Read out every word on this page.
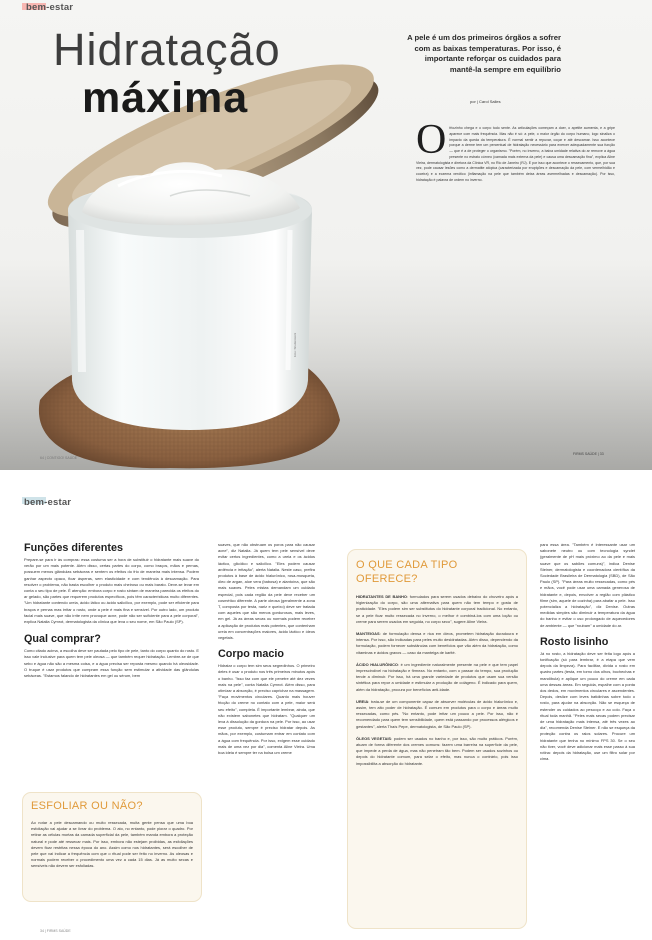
bem-estar
Hidratação
máxima
A pele é um dos primeiros órgãos a sofrer com as baixas temperaturas. Por isso, é importante reforçar os cuidados para mantê-la sempre em equilíbrio
por | Carol Salles
O friozinho chega e o corpo todo sente. As articulações começam a doer, o apetite aumenta, e a gripe aparece com mais frequência. Mas não é só: a pele, o maior órgão do corpo humano, logo sinaliza o impacto da queda da temperatura. É normal sentir a repuxar, coçar e até descamar. Isso acontece porque a derme tem um percentual de hidratação necessário para exercer adequadamente sua função — que é a de proteger o organismo. "Porém, no inverno, a baixa umidade relativa do ar remove a água presente no estrato córneo (camada mais externa da pele) e causa uma descamação fina", explica Aline Vieira, dermatologista e diretora da Clínica VR, no Rio de Janeiro (RJ). E por isso que acontece o ressecamento, que, por sua vez, pode causar lesões como a dermatite atópica (caracterizada por eruptções e descamação da pele, com vermelhidão e coceira) e a eczema xerótico (inflamação na pele que também deixa áreas avermelhadas e descamação). Por isso, hidratação é palavra de ordem no inverno.
Foto: Shutterstock
64 | CONTIGO! SAÚDE
FIRMS SAÚDE | 33
bem-estar
Funções diferentes
Prepare-se para ir às compras: essa costuma ser a hora de substituir o hidratante mais suave do verão por um mais potente. Além disso, certas partes do corpo, como braços, mãos e pernas, possuem menos glândulas sebáceas e sentem os efeitos do frio de maneira mais intensa. Podem ganhar aspecto opaco, ficar ásperas, sem elasticidade e com tendência à descamação. Para resolver o problema, não basta escolher o produto mais cheiroso ou mais barato. Deve-se levar em conta o seu tipo de pele. É atenção: embora corpo e rosto sintam de maneira parecida os efeitos do ar gelado, são partes que requerem produtos específicos, pois têm características muito diferentes. "Um hidratante contendo ureia, ácido lático ou ácido salicílico, por exemplo, pode ser eficiente para braços e pernas mas irritar o rosto, onde a pele é mais fina e sensível. Por outro lado, um produto facial mais suave, que não irrite nem provoque acne, pode não ser suficiente para a pele corporal", explica Natalia Cymrot, dermatologista da clínica que leva o seu nome, em São Paulo (SP).
Qual comprar?
Como citado acima, a escolha deve ser pautada pelo tipo de pele, tanto do corpo quanto do rosto. E isso vale inclusive para quem tem pele oleosa — que também requer hidratação. Lembre-se de que sebo e água não são a mesma coisa, e a água precisa ser reposta mesmo quando há oleosidade. O truque é usar produtos que cumpram essa função sem estimular a atividade das glândulas sebáceas. "Estamos falando de hidratantes em gel ou sérum, bem
ESFOLIAR OU NÃO?
Ao notar a pele descamando ou muito ressecada, muita gente pensa que uma boa esfoliação vai ajudar a se livrar do problema. O ato, no entanto, pode piorar o quadro. Por retirar as células mortas da camada superficial da pele, também manda embora a proteção natural e pode até ressecar mais. Por isso, embora não estejam proibidas, as esfoliações devem ficar restritas nessa época do ano. Assim como nos hidratantes, será escolher de pele que vai indicar a frequência com que o ritual pode ser feito no inverno. As oleosas e normais podem receber o procedimento uma vez a cada 15 dias. Já as muito secas e sensíveis não devem ser esfoliadas.
suaves, que não obstruam os poros para não causar acne", diz Natalia. Já quem tem pele sensível deve evitar certos ingredientes, como a ureia e os ácidos láctico, glicólico e salicílico. "Eles podem causar ardência e irritação", alerta Natalia. Neste caso, prefira produtos à base de ácido hialurônico, rosa-mosqueta, óleo de argan, aloe vera (babosa) e alantoína, que são mais suaves. Peles mistas demandam um cuidado especial, pois cada região da pele deve receber um cosmético diferente. A parte oleosa (geralmente a zona T, composta por testa, nariz e queixo) deve ser tratada com aqueles que são menos gordurosos, mais leves, em gel. Já as áreas secas ou normais podem receber a aplicação de produtos mais potentes, que contenham ureia em concentrações maiores, ácido láctico e óleos vegetais.
Corpo macio
Hidratar o corpo tem sim seus segredinhos. O primeiro deles é usar o produto nos três primeiros minutos após o banho. "Isso faz com que ele penetre até dez vezes mais na pele", conta Natalia Cymrot. Além disso, para otimizar a absorção, é preciso caprichar na massagem. "Faça movimentos circulares. Quanto mais houver fricção do creme no contato com a pele, maior será seu efeito", completa. É importante lembrar, ainda, que não existem sabonetes que hidratam. "Qualquer um leva à dissolução da gordura na pele. Por isso, ao usar esse produto, sempre é preciso hidratar depois. As mãos, por exemplo, costumam entrar em contato com a água com frequência. Por isso, exigem esse cuidado mais de uma vez por dia", comenta Aline Vieira. Uma boa ideia é sempre ter na bolsa um creme
O QUE CADA TIPO OFERECE?

HIDRATANTES DE BANHO: formulados para serem usados debaixo do chuveiro após a higienização do corpo, são uma alternativa para quem não tem tempo e gosta de praticidade. "Eles podem sim ser substitutos do hidratante corporal tradicional. No entanto, se a pele ficar muito ressecada no inverno, o melhor é combiná-los com uma loção ou creme para serem usados em seguida, no corpo seco", sugere Aline Vieira.

MANTEIGAS: de formulação densa e rica em óleos, prometem hidratação duradoura e intensa. Por isso, são indicadas para peles muito desidratadas. Além disso, dependendo da formulação, podem fornecer substâncias com benefícios que vão além da hidratação, como vitaminas e ácidos graxos — caso da manteiga de karité.

ÁCIDO HIALURÔNICO: é um ingrediente naturalmente presente na pele e que tem papel imprescindível na hidratação e firmeza. No entanto, com o passar do tempo, sua produção tende a diminuir. Por isso, há uma grande variedade de produtos que usam sua versão sintética para repor a umidade e estimular a produção de colágeno. É indicado para quem, além da hidratação, procura por benefícios anti-idade.

UREIA: trata-se de um componente capaz de absorver moléculas de ácido hialurônico e, assim, tem alto poder de hidratação. É comum em produtos para o corpo e áreas muito ressecadas, como pés. "No entanto, pode irritar um pouco a pele. Por isso, não é recomendado para quem tem sensibilidade, quem está passando por processos alérgicos e gestantes", alerta Thaís Pepe, dermatologista, de São Paulo (SP).

ÓLEOS VEGETAIS: podem ser usados no banho e, por isso, são muito práticos. Porém, atuam de forma diferente dos cremes comuns: fazem uma barreira na superfície da pele, que impede a perda de água, mas não penetram tão bem. Podem ser usados sozinhos ou depois do hidratante comum, para selar o efeito, mas nunca o contrário, pois isso impossibilita a absorção do hidratante.

para essa área. "Também é interessante usar um sabonete neutro ou com tecnologia syndet (geralmente de pH mais próximo ao da pele e mais suave que os sabões comuns)", indica Denise Steiner, dermatologista e coordenadora científica da Sociedade Brasileira de Dermatologia (SBD), de São Paulo (SP). "Para áreas muito ressecadas, como pés e mãos, você pode usar uma camada generosa de hidratante e, depois, envolver a região com plástico filme (sim, aquele de cozinha) para abafar a pele. Isso potencializa a hidratação", diz Denise. Outras medidas simples são diminuir a temperatura da água do banho e evitar o uso prolongado de aquecedores de ambiente — que "roubam" a umidade do ar.
Rosto lisinho
Já no rosto, a hidratação deve ser feita logo após a tonificação (só para lembrar, é a etapa que vem depois da limpeza). Para facilitar, divida o rosto em quatro partes (testa, em torno dos olhos, bochechas e mandíbula) e aplique um pouco do creme em cada uma dessas áreas. Em seguida, espalhe com a ponta dos dedos, em movimentos circulares e ascendentes. Depois, deslize com leves batidinhas sobre todo o rosto, para ajudar na absorção. Não se esqueça de estender os cuidados ao pescoço e ao colo. Faça o ritual toda manhã. "Peles mais secas podem precisar de uma hidratação mais intensa, até três vezes ao dia", recomenda Denise Steiner. E não se esqueça da proteção contra os raios solares. Procure um hidratante que tenha no mínimo FPS 30. Se o seu não tiver, você deve adicionar mais esse passo à sua rotina: depois da hidratação, use um filtro solar por cima.
34 | FIRMS SAÚDE
